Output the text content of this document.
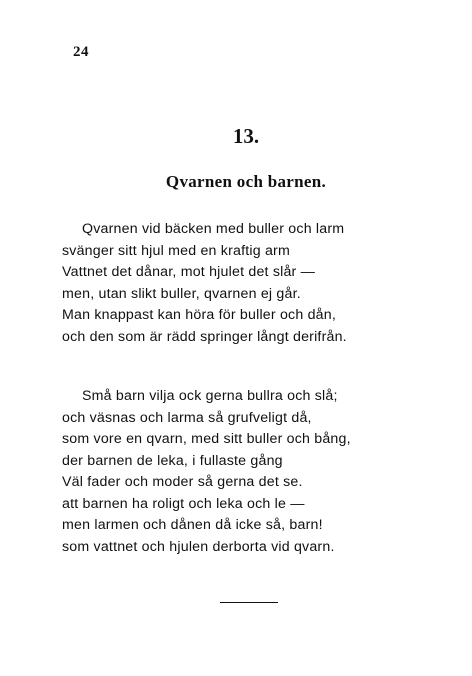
24
13.
Qvarnen och barnen.
Qvarnen vid bäcken med buller och larm
svänger sitt hjul med en kraftig arm
Vattnet det dånar, mot hjulet det slår —
men, utan slikt buller, qvarnen ej går.
Man knappast kan höra för buller och dån,
och den som är rädd springer långt derifrån.
Små barn vilja ock gerna bullra och slå;
och väsnas och larma så grufveligt då,
som vore en qvarn, med sitt buller och bång,
der barnen de leka, i fullaste gång
Väl fader och moder så gerna det se.
att barnen ha roligt och leka och le —
men larmen och dånen då icke så, barn!
som vattnet och hjulen derborta vid qvarn.
